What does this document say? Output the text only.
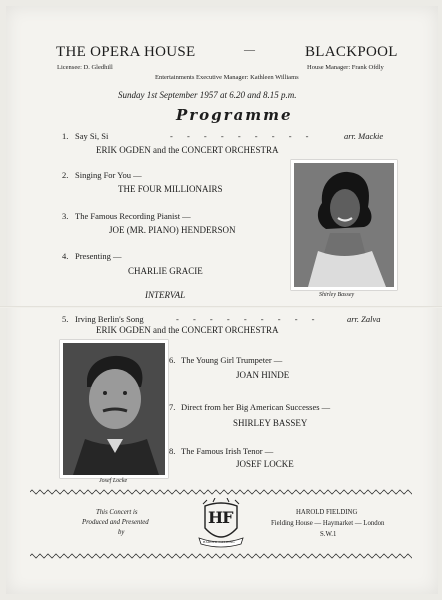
THE OPERA HOUSE	—	BLACKPOOL
Licensee: D. Gledhill	House Manager: Frank Ofdly
Entertainments Executive Manager: Kathleen Williams
Sunday 1st September 1957 at 6.20 and 8.15 p.m.
Programme
1. Say Si, Si	- - - - - - - - -	arr. Mackie
ERIK OGDEN and the CONCERT ORCHESTRA
2. Singing For You —
THE FOUR MILLIONAIRS
3. The Famous Recording Pianist —
JOE (MR. PIANO) HENDERSON
4. Presenting —
CHARLIE GRACIE
INTERVAL	Shirley Bassey
5. Irving Berlin's Song	- - - - - - - - -	arr. Zalva
ERIK OGDEN and the CONCERT ORCHESTRA
Josef Locke
6. The Young Girl Trumpeter —
JOAN HINDE
7. Direct from her Big American Successes —
SHIRLEY BASSEY
8. The Famous Irish Tenor —
JOSEF LOCKE
This Concert is
Produced and Presented
by
HF
HAROLD FIELDING
HAROLD FIELDING
Fielding House — Haymarket — London
S.W.1
